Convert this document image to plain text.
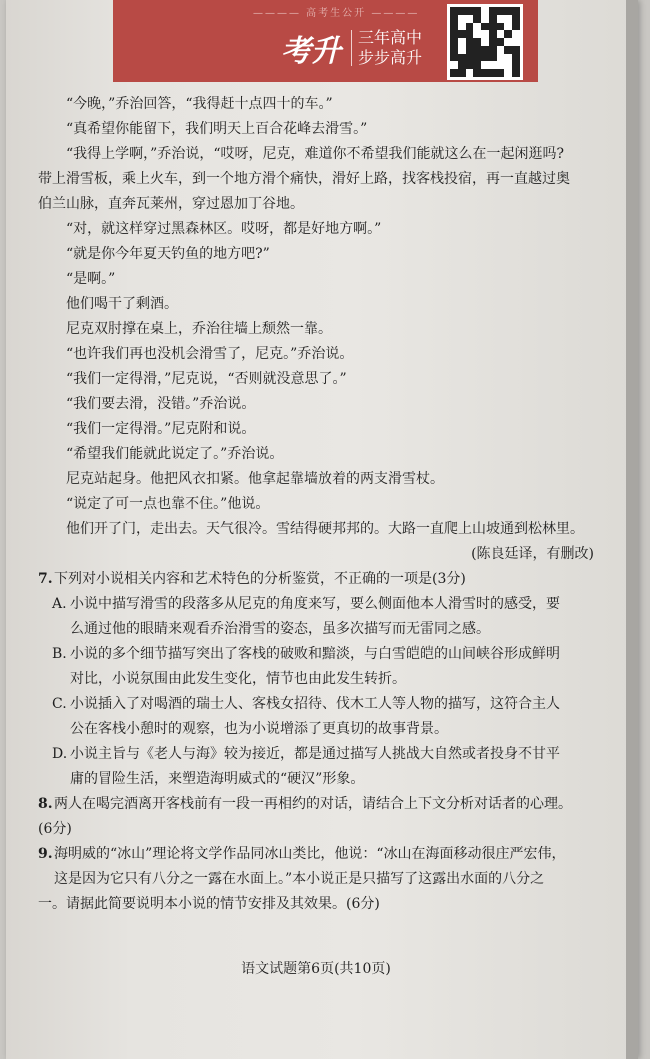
———— 高考生公开 ————
考升 三年高中
步步高升

“今晚，”乔治回答，“我得赶十点四十的车。”

“真希望你能留下，我们明天上百合花峰去滑雪。”

“我得上学啊，”乔治说，“哎呀，尼克，难道你不希望我们能就这么在一起闲逛吗?

带上滑雪板，乘上火车，到一个地方滑个痛快，滑好上路，找客栈投宿，再一直越过奥

伯兰山脉，直奔瓦莱州，穿过恩加丁谷地。

“对，就这样穿过黑森林区。哎呀，都是好地方啊。”

“就是你今年夏天钓鱼的地方吧?”

“是啊。”

他们喝干了剩酒。

尼克双肘撑在桌上，乔治往墙上颓然一靠。

“也许我们再也没机会滑雪了，尼克。”乔治说。

“我们一定得滑，”尼克说，“否则就没意思了。”

“我们要去滑，没错。”乔治说。

“我们一定得滑。”尼克附和说。

“希望我们能就此说定了。”乔治说。

尼克站起身。他把风衣扣紧。他拿起靠墙放着的两支滑雪杖。

“说定了可一点也靠不住。”他说。

他们开了门，走出去。天气很冷。雪结得硬邦邦的。大路一直爬上山坡通到松林里。

(陈良廷译，有删改)

7.下列对小说相关内容和艺术特色的分析鉴赏，不正确的一项是(3分)

A. 小说中描写滑雪的段落多从尼克的角度来写，要么侧面他本人滑雪时的感受，要

么通过他的眼睛来观看乔治滑雪的姿态，虽多次描写而无雷同之感。

B. 小说的多个细节描写突出了客栈的破败和黯淡，与白雪皑皑的山间峡谷形成鲜明

对比，小说氛围由此发生变化，情节也由此发生转折。

C. 小说插入了对喝酒的瑞士人、客栈女招待、伐木工人等人物的描写，这符合主人

公在客栈小憩时的观察，也为小说增添了更真切的故事背景。

D. 小说主旨与《老人与海》较为接近，都是通过描写人挑战大自然或者投身不甘平

庸的冒险生活，来塑造海明威式的“硬汉”形象。

8.两人在喝完酒离开客栈前有一段一再相约的对话，请结合上下文分析对话者的心理。

(6分)

9.海明威的“冰山”理论将文学作品同冰山类比，他说：“冰山在海面移动很庄严宏伟，

这是因为它只有八分之一露在水面上。”本小说正是只描写了这露出水面的八分之

一。请据此简要说明本小说的情节安排及其效果。(6分)

语文试题第6页(共10页)
